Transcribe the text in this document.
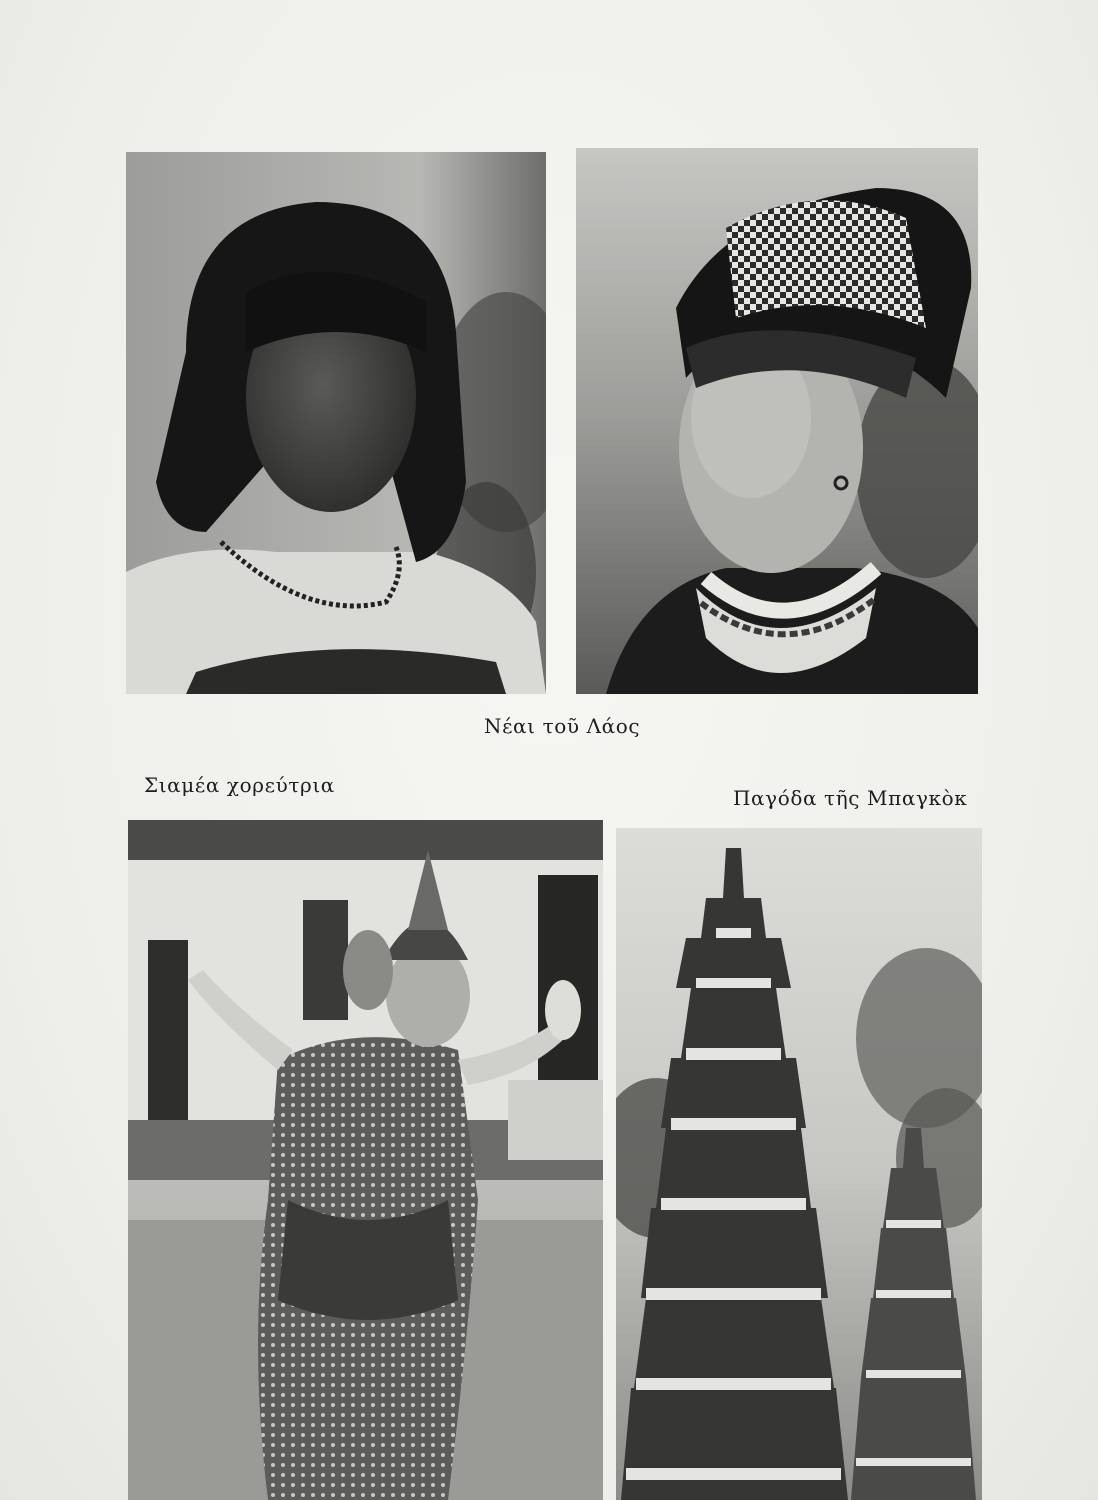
Νέαι τοῦ Λάος
Σιαμέα χορεύτρια
Παγόδα τῆς Μπαγκὸκ
